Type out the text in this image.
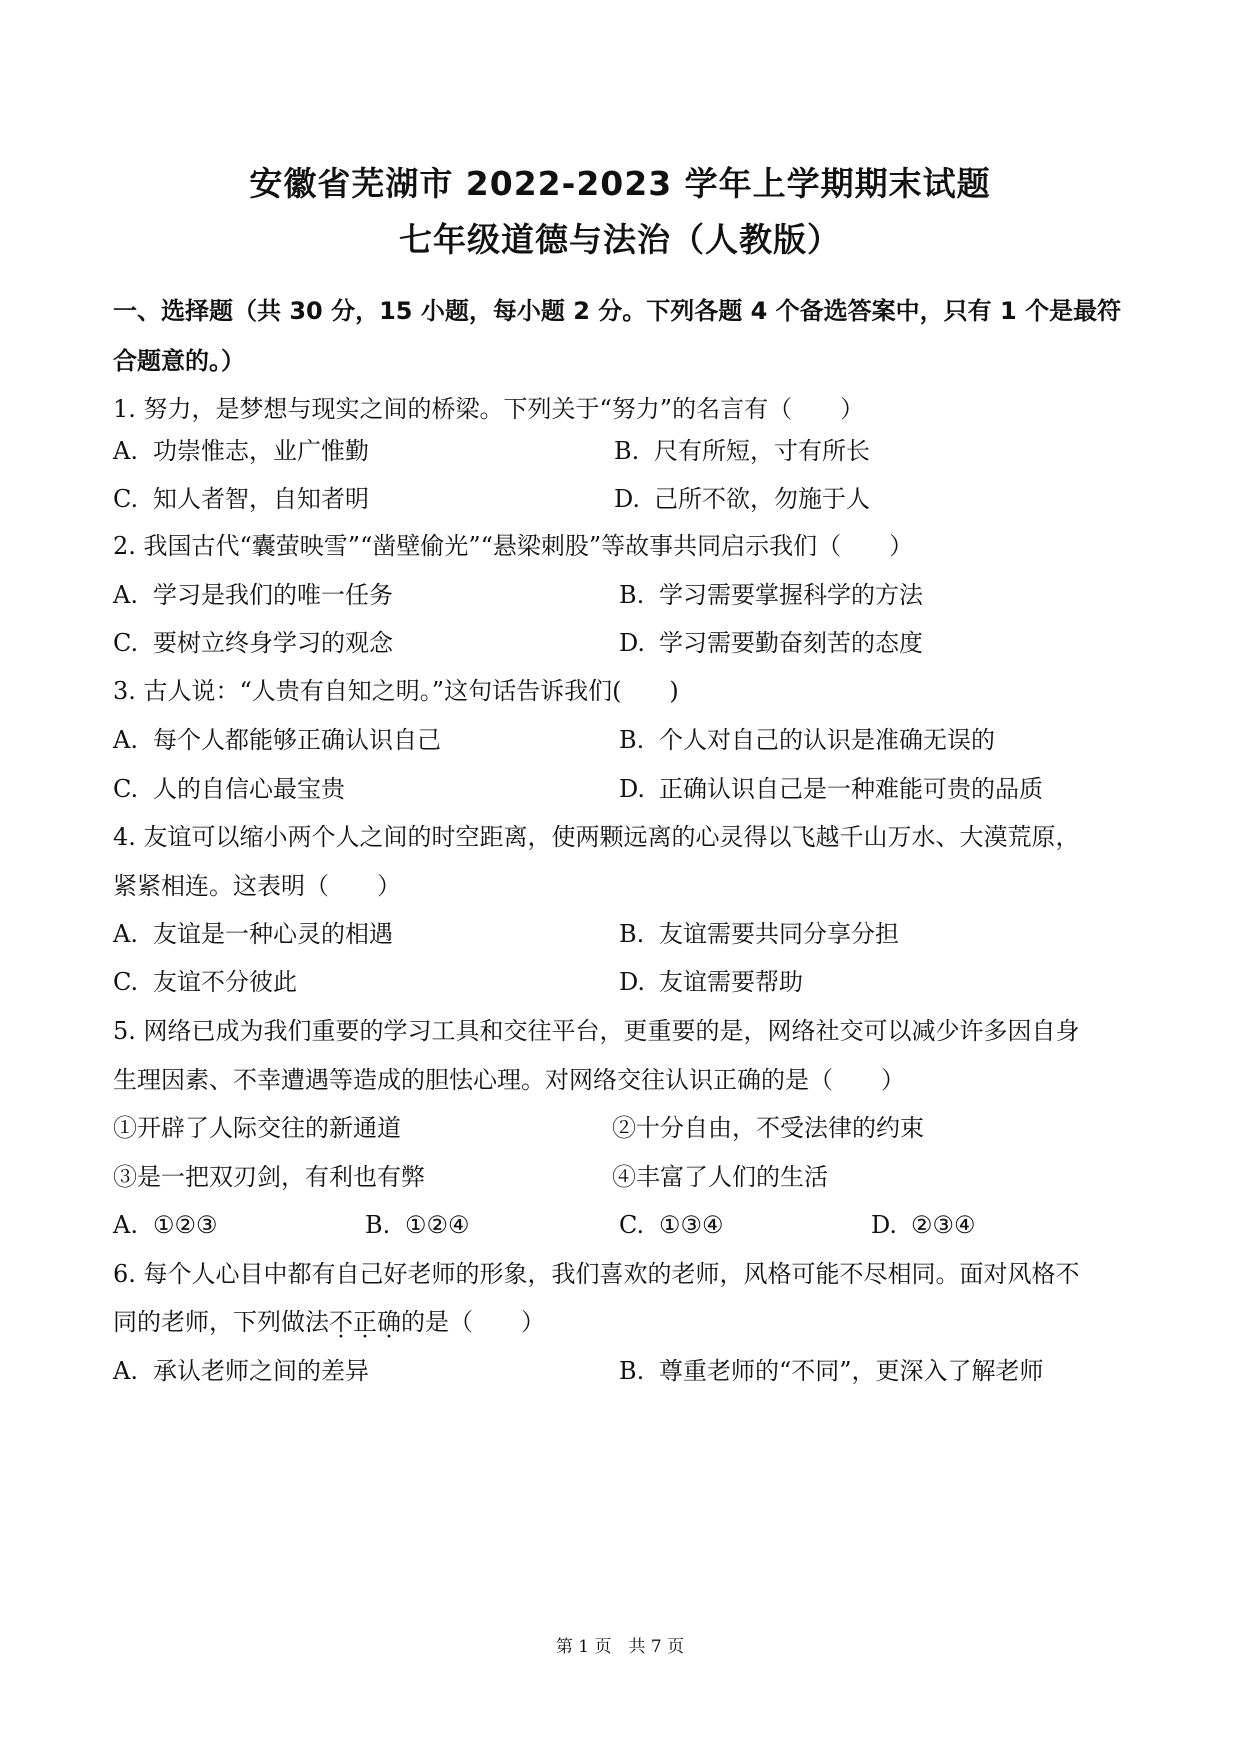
安徽省芜湖市 2022-2023 学年上学期期末试题
七年级道德与法治（人教版）
一、选择题（共 30 分，15 小题，每小题 2 分。下列各题 4 个备选答案中，只有 1 个是最符
合题意的。）
1. 努力，是梦想与现实之间的桥梁。下列关于“努力”的名言有（　　）
A. 功崇惟志，业广惟勤	B. 尺有所短，寸有所长
C. 知人者智，自知者明	D. 己所不欲，勿施于人
2. 我国古代“囊萤映雪”“凿壁偷光”“悬梁刺股”等故事共同启示我们（　　）
A. 学习是我们的唯一任务	B. 学习需要掌握科学的方法
C. 要树立终身学习的观念	D. 学习需要勤奋刻苦的态度
3. 古人说：“人贵有自知之明。”这句话告诉我们(　　)
A. 每个人都能够正确认识自己	B. 个人对自己的认识是准确无误的
C. 人的自信心最宝贵	D. 正确认识自己是一种难能可贵的品质
4. 友谊可以缩小两个人之间的时空距离，使两颗远离的心灵得以飞越千山万水、大漠荒原，
紧紧相连。这表明（　　）
A. 友谊是一种心灵的相遇	B. 友谊需要共同分享分担
C. 友谊不分彼此	D. 友谊需要帮助
5. 网络已成为我们重要的学习工具和交往平台，更重要的是，网络社交可以减少许多因自身
生理因素、不幸遭遇等造成的胆怯心理。对网络交往认识正确的是（　　）
①开辟了人际交往的新通道	②十分自由，不受法律的约束
③是一把双刃剑，有利也有弊	④丰富了人们的生活
A. ①②③	B. ①②④	C. ①③④	D. ②③④
6. 每个人心目中都有自己好老师的形象，我们喜欢的老师，风格可能不尽相同。面对风格不
同的老师，下列做法不正确的是（　　）
A. 承认老师之间的差异	B. 尊重老师的“不同”，更深入了解老师
第 1 页　共 7 页
